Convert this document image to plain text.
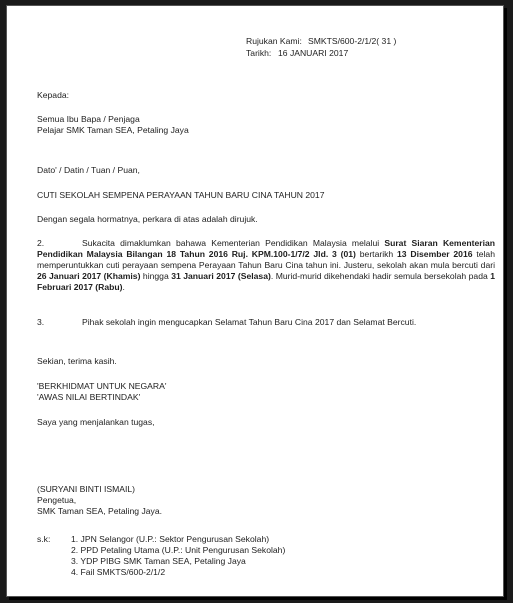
Rujukan Kami: SMKTS/600-2/1/2( 31 )
Tarikh: 16 JANUARI 2017
Kepada:
Semua Ibu Bapa / Penjaga
Pelajar SMK Taman SEA, Petaling Jaya
Dato' / Datin / Tuan / Puan,
CUTI SEKOLAH SEMPENA PERAYAAN TAHUN BARU CINA TAHUN 2017
Dengan segala hormatnya, perkara di atas adalah dirujuk.
2.	Sukacita dimaklumkan bahawa Kementerian Pendidikan Malaysia melalui Surat Siaran Kementerian Pendidikan Malaysia Bilangan 18 Tahun 2016 Ruj. KPM.100-1/7/2 Jld. 3 (01) bertarikh 13 Disember 2016 telah memperuntukkan cuti perayaan sempena Perayaan Tahun Baru Cina tahun ini. Justeru, sekolah akan mula bercuti dari 26 Januari 2017 (Khamis) hingga 31 Januari 2017 (Selasa). Murid-murid dikehendaki hadir semula bersekolah pada 1 Februari 2017 (Rabu).
3.	Pihak sekolah ingin mengucapkan Selamat Tahun Baru Cina 2017 dan Selamat Bercuti.
Sekian, terima kasih.
'BERKHIDMAT UNTUK NEGARA'
'AWAS NILAI BERTINDAK'
Saya yang menjalankan tugas,
(SURYANI BINTI ISMAIL)
Pengetua,
SMK Taman SEA, Petaling Jaya.
s.k: 1. JPN Selangor (U.P.: Sektor Pengurusan Sekolah)
2. PPD Petaling Utama (U.P.: Unit Pengurusan Sekolah)
3. YDP PIBG SMK Taman SEA, Petaling Jaya
4. Fail SMKTS/600-2/1/2
